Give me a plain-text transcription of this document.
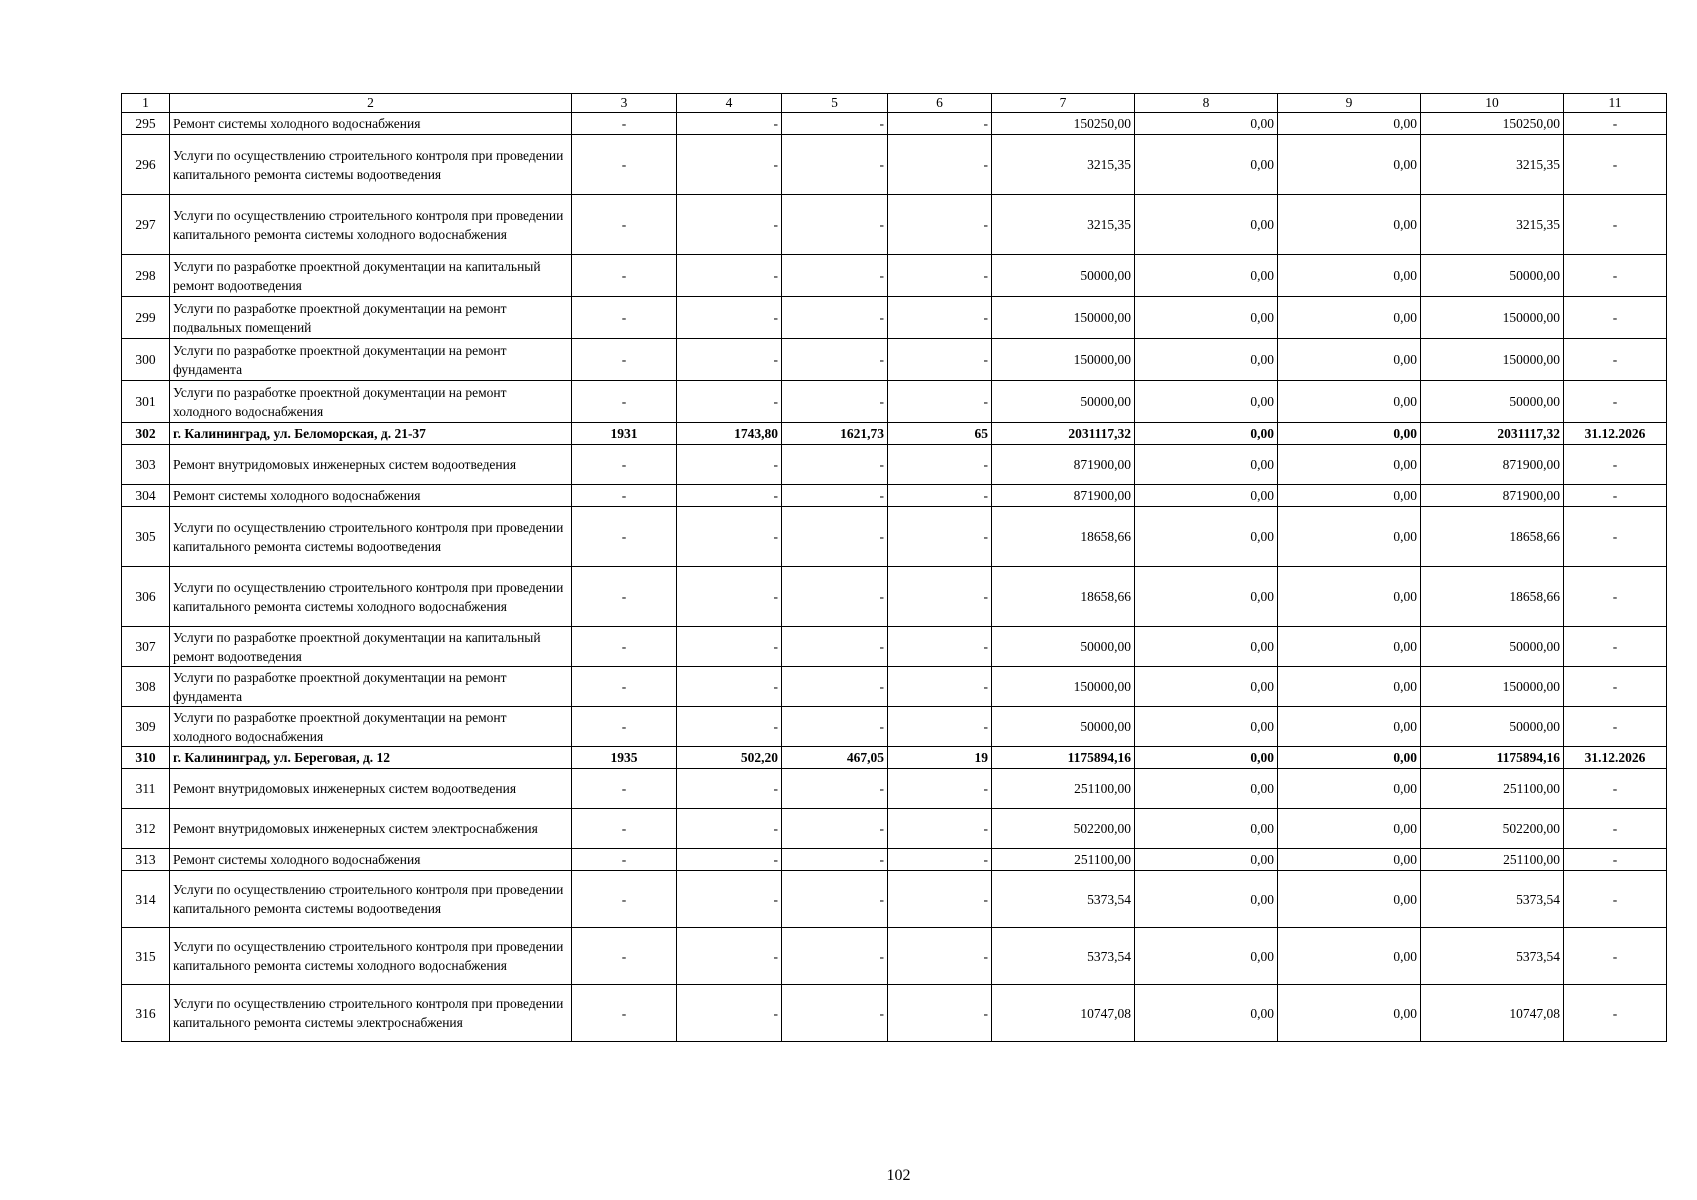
1	2	3	4	5	6	7	8	9	10	11
295	Ремонт системы холодного водоснабжения	-	-	-	-	150250,00	0,00	0,00	150250,00	-
296	Услуги по осуществлению строительного контроля при проведении капитального ремонта системы водоотведения	-	-	-	-	3215,35	0,00	0,00	3215,35	-
297	Услуги по осуществлению строительного контроля при проведении капитального ремонта системы холодного водоснабжения	-	-	-	-	3215,35	0,00	0,00	3215,35	-
298	Услуги по разработке проектной документации на капитальный ремонт водоотведения	-	-	-	-	50000,00	0,00	0,00	50000,00	-
299	Услуги по разработке проектной документации на ремонт подвальных помещений	-	-	-	-	150000,00	0,00	0,00	150000,00	-
300	Услуги по разработке проектной документации на ремонт фундамента	-	-	-	-	150000,00	0,00	0,00	150000,00	-
301	Услуги по разработке проектной документации на ремонт холодного водоснабжения	-	-	-	-	50000,00	0,00	0,00	50000,00	-
302	г. Калининград, ул. Беломорская, д. 21-37	1931	1743,80	1621,73	65	2031117,32	0,00	0,00	2031117,32	31.12.2026
303	Ремонт внутридомовых инженерных систем водоотведения	-	-	-	-	871900,00	0,00	0,00	871900,00	-
304	Ремонт системы холодного водоснабжения	-	-	-	-	871900,00	0,00	0,00	871900,00	-
305	Услуги по осуществлению строительного контроля при проведении капитального ремонта системы водоотведения	-	-	-	-	18658,66	0,00	0,00	18658,66	-
306	Услуги по осуществлению строительного контроля при проведении капитального ремонта системы холодного водоснабжения	-	-	-	-	18658,66	0,00	0,00	18658,66	-
307	Услуги по разработке проектной документации на капитальный ремонт водоотведения	-	-	-	-	50000,00	0,00	0,00	50000,00	-
308	Услуги по разработке проектной документации на ремонт фундамента	-	-	-	-	150000,00	0,00	0,00	150000,00	-
309	Услуги по разработке проектной документации на ремонт холодного водоснабжения	-	-	-	-	50000,00	0,00	0,00	50000,00	-
310	г. Калининград, ул. Береговая, д. 12	1935	502,20	467,05	19	1175894,16	0,00	0,00	1175894,16	31.12.2026
311	Ремонт внутридомовых инженерных систем водоотведения	-	-	-	-	251100,00	0,00	0,00	251100,00	-
312	Ремонт внутридомовых инженерных систем электроснабжения	-	-	-	-	502200,00	0,00	0,00	502200,00	-
313	Ремонт системы холодного водоснабжения	-	-	-	-	251100,00	0,00	0,00	251100,00	-
314	Услуги по осуществлению строительного контроля при проведении капитального ремонта системы водоотведения	-	-	-	-	5373,54	0,00	0,00	5373,54	-
315	Услуги по осуществлению строительного контроля при проведении капитального ремонта системы холодного водоснабжения	-	-	-	-	5373,54	0,00	0,00	5373,54	-
316	Услуги по осуществлению строительного контроля при проведении капитального ремонта системы электроснабжения	-	-	-	-	10747,08	0,00	0,00	10747,08	-
102
